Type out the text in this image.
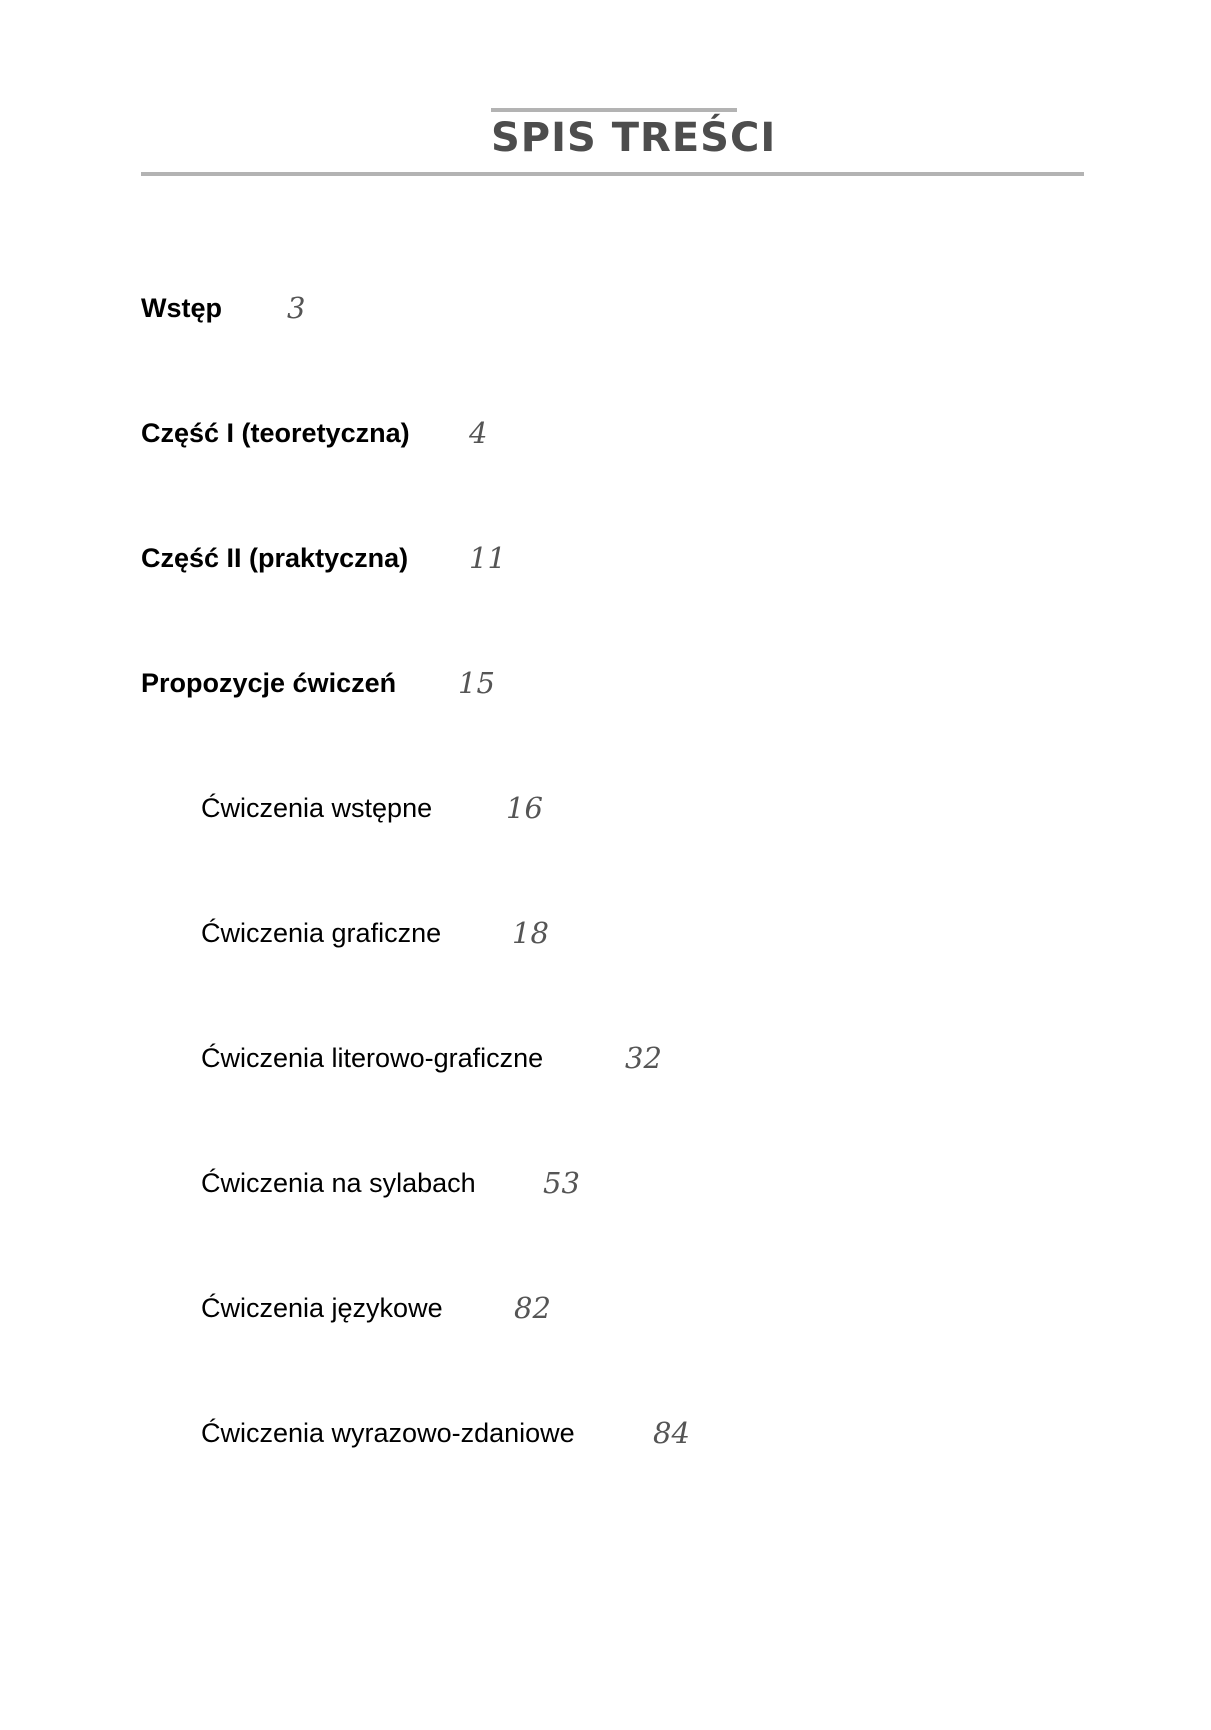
SPIS TREŚCI
Wstęp 3
Część I (teoretyczna) 4
Część II (praktyczna) 11
Propozycje ćwiczeń 15
Ćwiczenia wstępne	16
Ćwiczenia graficzne 18
Ćwiczenia literowo-graficzne	32
Ćwiczenia na sylabach 53
Ćwiczenia językowe 82
Ćwiczenia wyrazowo-zdaniowe	84
